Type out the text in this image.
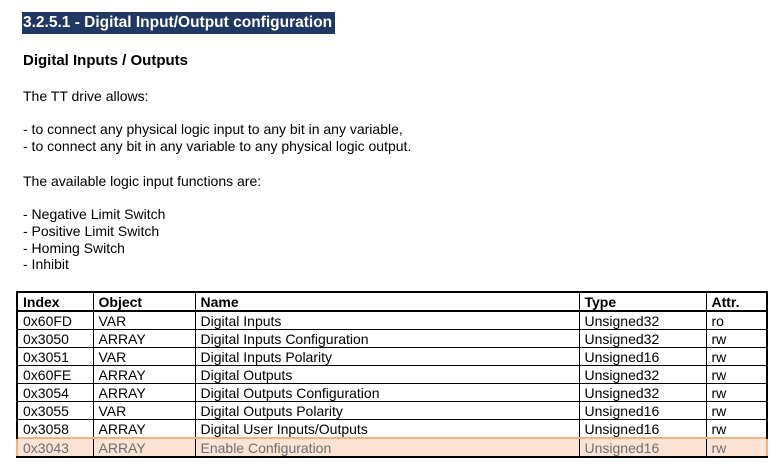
3.2.5.1 - Digital Input/Output configuration
Digital Inputs / Outputs

The TT drive allows:

- to connect any physical logic input to any bit in any variable,
- to connect any bit in any variable to any physical logic output.

The available logic input functions are:

- Negative Limit Switch
- Positive Limit Switch
- Homing Switch
- Inhibit
Index	Object	Name	Type	Attr.
0x60FD	VAR	Digital Inputs	Unsigned32	ro
0x3050	ARRAY	Digital Inputs Configuration	Unsigned32	rw
0x3051	VAR	Digital Inputs Polarity	Unsigned16	rw
0x60FE	ARRAY	Digital Outputs	Unsigned32	rw
0x3054	ARRAY	Digital Outputs Configuration	Unsigned32	rw
0x3055	VAR	Digital Outputs Polarity	Unsigned16	rw
0x3058	ARRAY	Digital User Inputs/Outputs	Unsigned16	rw
0x3043	ARRAY	Enable Configuration	Unsigned16	rw
